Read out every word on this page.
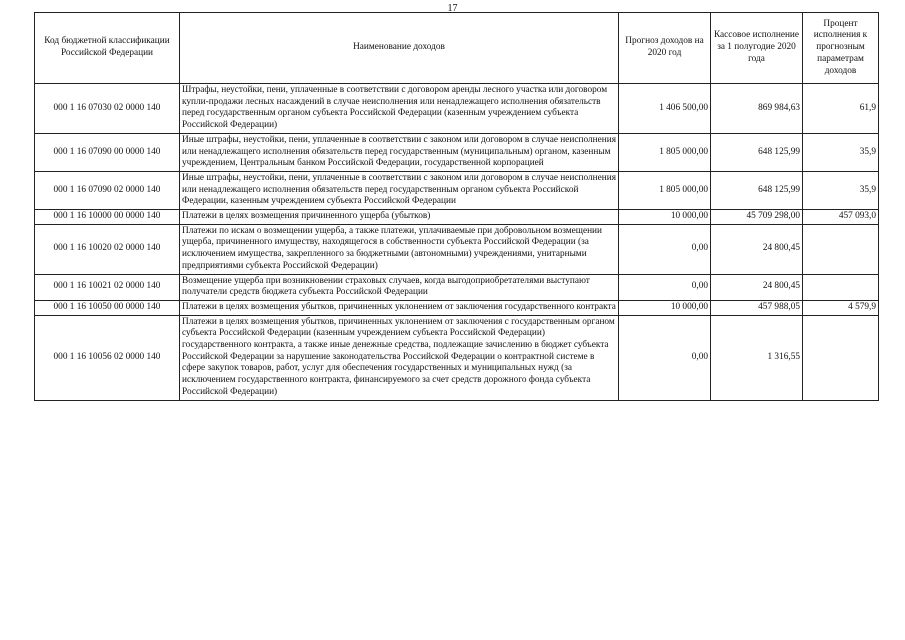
17
Код бюджетной классификации Российской Федерации	Наименование доходов	Прогноз доходов на 2020 год	Кассовое исполнение за 1 полугодие 2020 года	Процент исполнения к прогнозным параметрам доходов
000 1 16 07030 02 0000 140	Штрафы, неустойки, пени, уплаченные в соответствии с договором аренды лесного участка или договором купли-продажи лесных насаждений в случае неисполнения или ненадлежащего исполнения обязательств перед государственным органом субъекта Российской Федерации (казенным учреждением субъекта Российской Федерации)	1 406 500,00	869 984,63	61,9
000 1 16 07090 00 0000 140	Иные штрафы, неустойки, пени, уплаченные в соответствии с законом или договором в случае неисполнения или ненадлежащего исполнения обязательств перед государственным (муниципальным) органом, казенным учреждением, Центральным банком Российской Федерации, государственной корпорацией	1 805 000,00	648 125,99	35,9
000 1 16 07090 02 0000 140	Иные штрафы, неустойки, пени, уплаченные в соответствии с законом или договором в случае неисполнения или ненадлежащего исполнения обязательств перед государственным органом субъекта Российской Федерации, казенным учреждением субъекта Российской Федерации	1 805 000,00	648 125,99	35,9
000 1 16 10000 00 0000 140	Платежи в целях возмещения причиненного ущерба (убытков)	10 000,00	45 709 298,00	457 093,0
000 1 16 10020 02 0000 140	Платежи по искам о возмещении ущерба, а также платежи, уплачиваемые при добровольном возмещении ущерба, причиненного имуществу, находящегося в собственности субъекта Российской Федерации (за исключением имущества, закрепленного за бюджетными (автономными) учреждениями, унитарными предприятиями субъекта Российской Федерации)	0,00	24 800,45	
000 1 16 10021 02 0000 140	Возмещение ущерба при возникновении страховых случаев, когда выгодоприобретателями выступают получатели средств бюджета субъекта Российской Федерации	0,00	24 800,45	
000 1 16 10050 00 0000 140	Платежи в целях возмещения убытков, причиненных уклонением от заключения государственного контракта	10 000,00	457 988,05	4 579,9
000 1 16 10056 02 0000 140	Платежи в целях возмещения убытков, причиненных уклонением от заключения с государственным органом субъекта Российской Федерации (казенным учреждением субъекта Российской Федерации) государственного контракта, а также иные денежные средства, подлежащие зачислению в бюджет субъекта Российской Федерации за нарушение законодательства Российской Федерации о контрактной системе в сфере закупок товаров, работ, услуг для обеспечения государственных и муниципальных нужд (за исключением государственного контракта, финансируемого за счет средств дорожного фонда субъекта Российской Федерации)	0,00	1 316,55	
